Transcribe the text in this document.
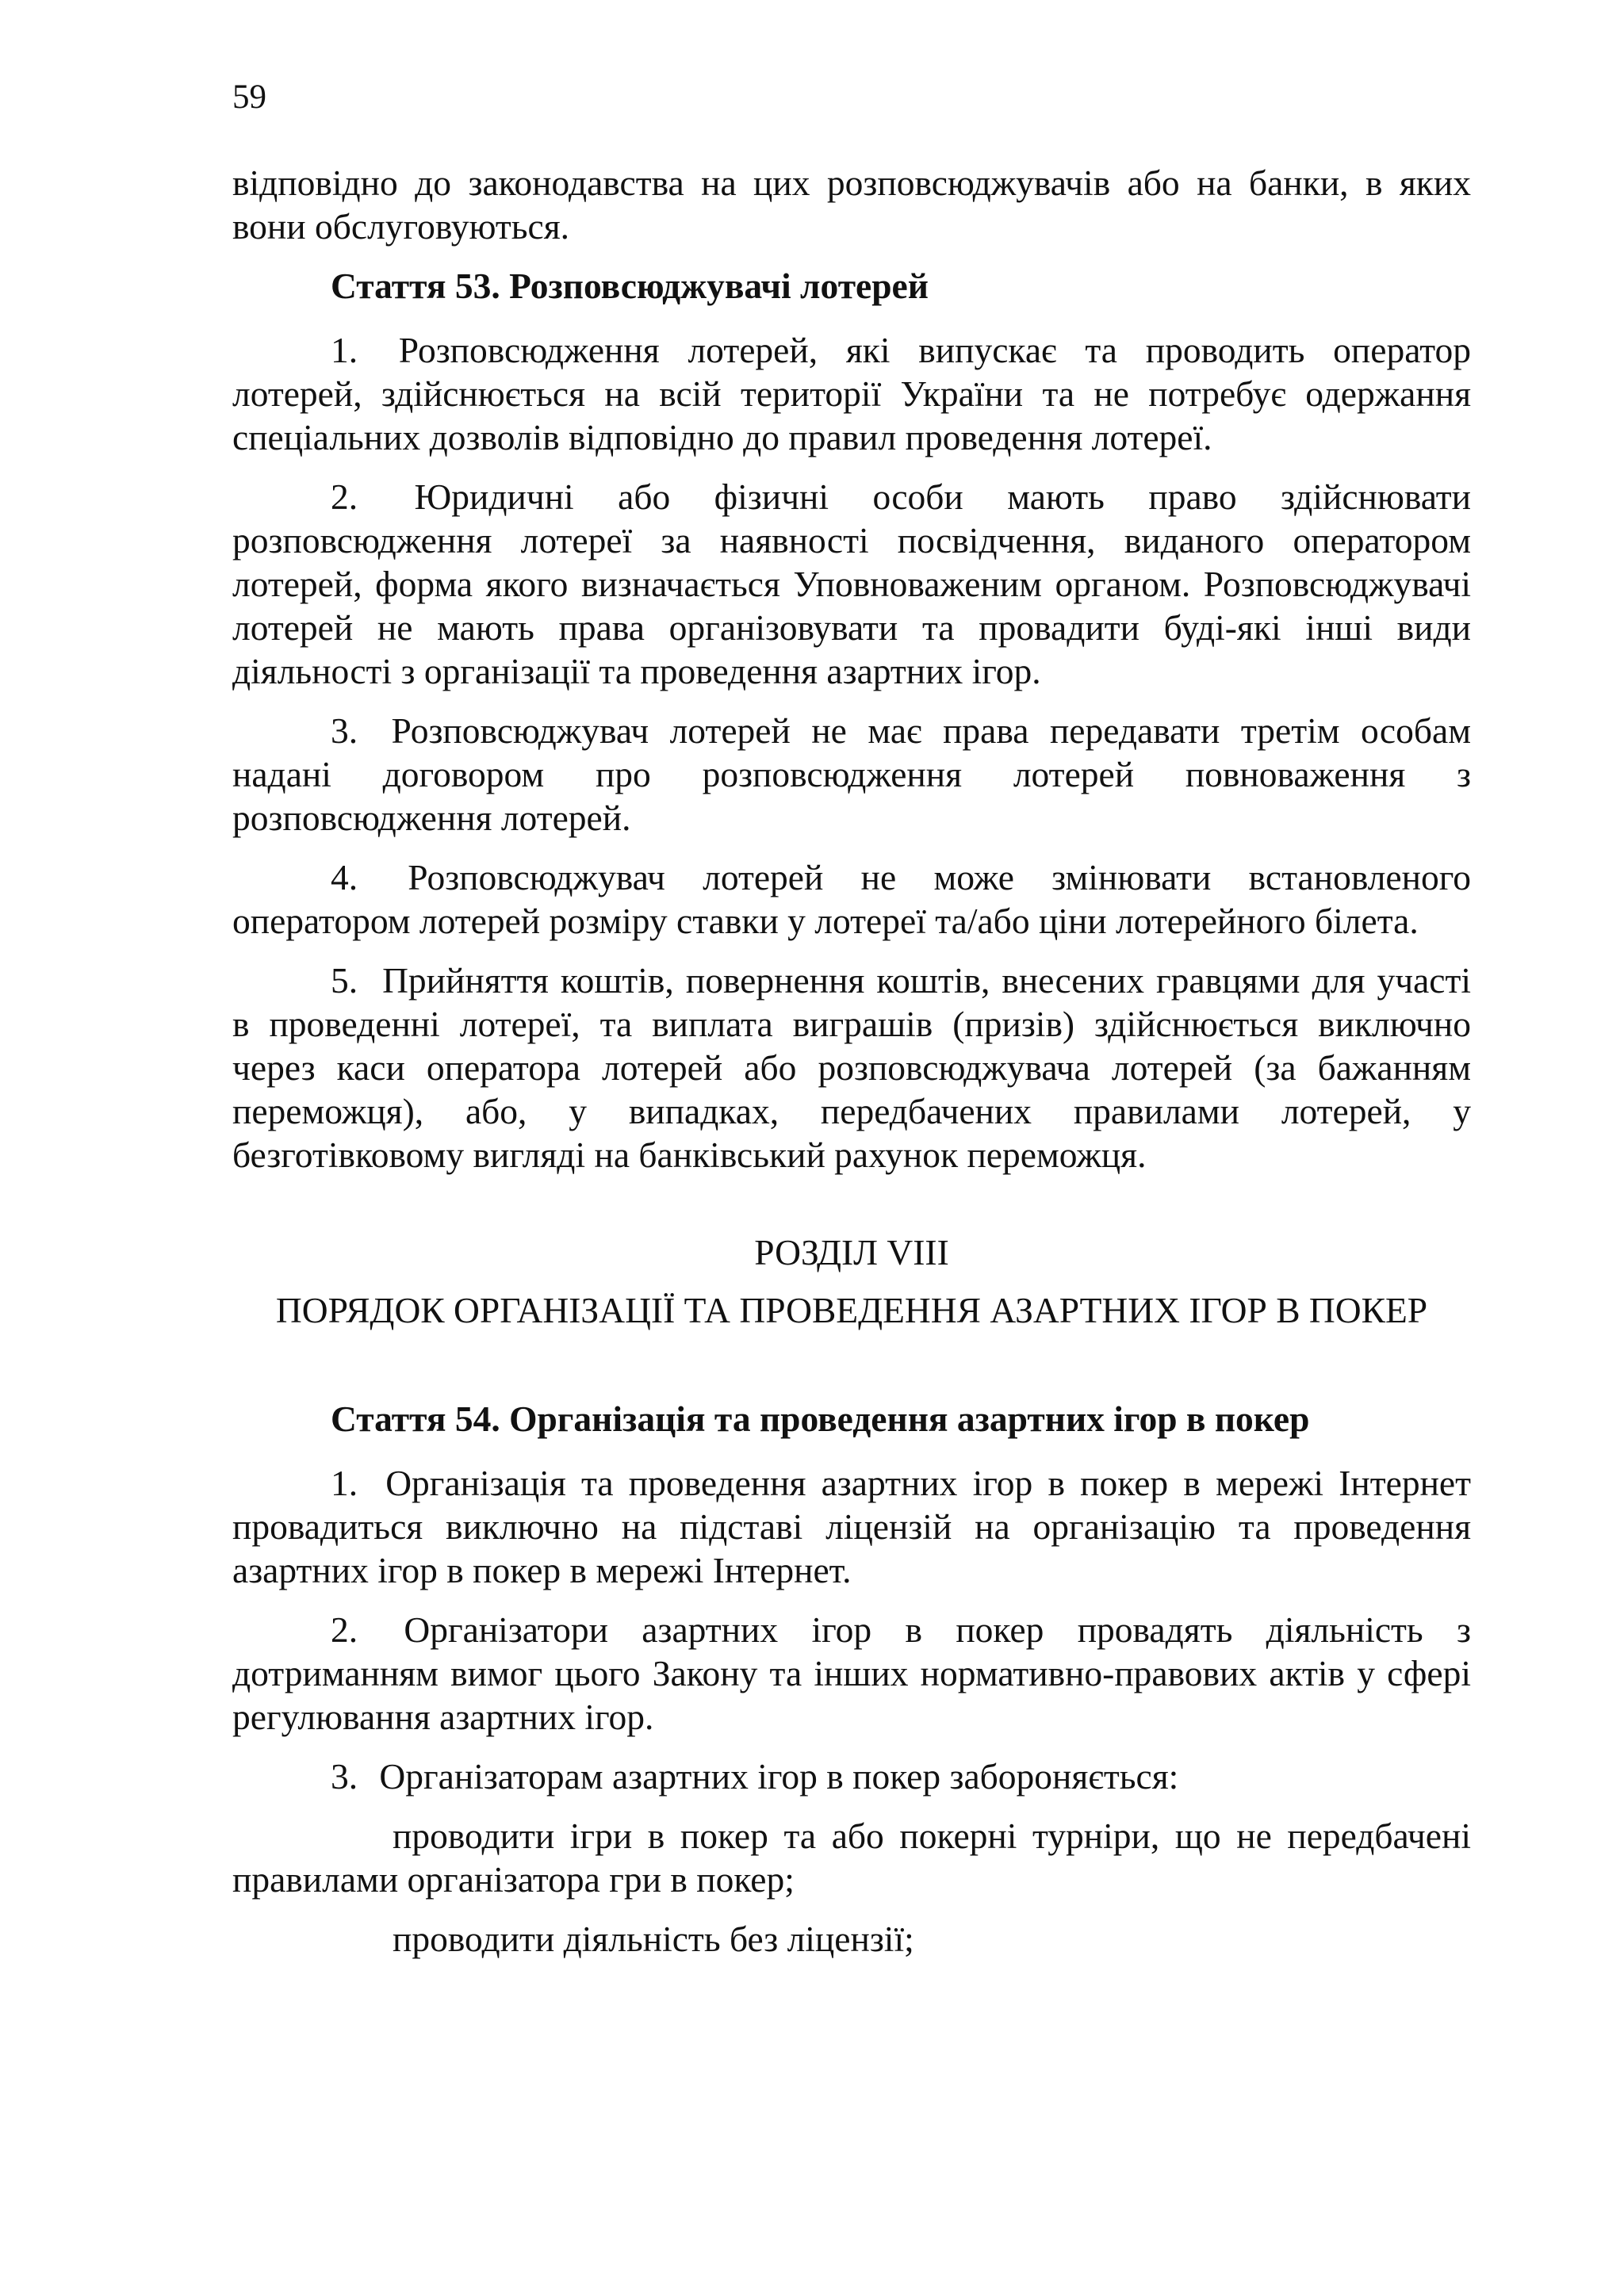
59

відповідно до законодавства на цих розповсюджувачів або на банки, в яких вони обслуговуються.

Стаття 53. Розповсюджувачі лотерей

1. Розповсюдження лотерей, які випускає та проводить оператор лотерей, здійснюється на всій території України та не потребує одержання спеціальних дозволів відповідно до правил проведення лотереї.

2. Юридичні або фізичні особи мають право здійснювати розповсюдження лотереї за наявності посвідчення, виданого оператором лотерей, форма якого визначається Уповноваженим органом. Розповсюджувачі лотерей не мають права організовувати та провадити буді-які інші види діяльності з організації та проведення азартних ігор.

3. Розповсюджувач лотерей не має права передавати третім особам надані договором про розповсюдження лотерей повноваження з розповсюдження лотерей.

4. Розповсюджувач лотерей не може змінювати встановленого оператором лотерей розміру ставки у лотереї та/або ціни лотерейного білета.

5. Прийняття коштів, повернення коштів, внесених гравцями для участі в проведенні лотереї, та виплата виграшів (призів) здійснюється виключно через каси оператора лотерей або розповсюджувача лотерей (за бажанням переможця), або, у випадках, передбачених правилами лотерей, у безготівковому вигляді на банківський рахунок переможця.

РОЗДІЛ VIII

ПОРЯДОК ОРГАНІЗАЦІЇ ТА ПРОВЕДЕННЯ АЗАРТНИХ ІГОР В ПОКЕР

Стаття 54. Організація та проведення азартних ігор в покер

1. Організація та проведення азартних ігор в покер в мережі Інтернет провадиться виключно на підставі ліцензій на організацію та проведення азартних ігор в покер в мережі Інтернет.

2. Організатори азартних ігор в покер провадять діяльність з дотриманням вимог цього Закону та інших нормативно-правових актів у сфері регулювання азартних ігор.

3. Організаторам азартних ігор в покер забороняється:

проводити ігри в покер та або покерні турніри, що не передбачені правилами організатора гри в покер;

проводити діяльність без ліцензії;
